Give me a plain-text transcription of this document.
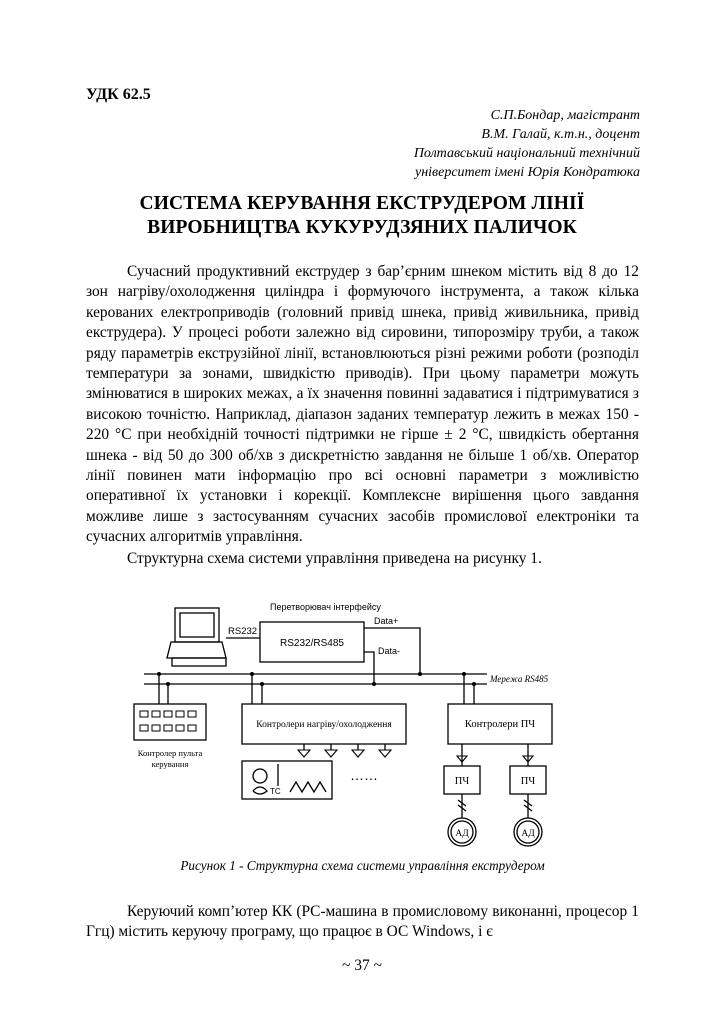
УДК 62.5
С.П.Бондар, магістрант
В.М. Галай, к.т.н., доцент
Полтавський національний технічний
університет імені Юрія Кондратюка
СИСТЕМА КЕРУВАННЯ ЕКСТРУДЕРОМ ЛІНІЇ
ВИРОБНИЦТВА КУКУРУДЗЯНИХ ПАЛИЧОК

Сучасний продуктивний екструдер з бар’єрним шнеком містить від 8 до 12 зон нагріву/охолодження циліндра і формуючого інструмента, а також кілька керованих електроприводів (головний привід шнека, привід живильника, привід екструдера). У процесі роботи залежно від сировини, типорозміру труби, а також ряду параметрів екструзійної лінії, встановлюються різні режими роботи (розподіл температури за зонами, швидкістю приводів). При цьому параметри можуть змінюватися в широких межах, а їх значення повинні задаватися і підтримуватися з високою точністю. Наприклад, діапазон заданих температур лежить в межах 150 - 220 °С при необхідній точності підтримки не гірше ± 2 °С, швидкість обертання шнека - від 50 до 300 об/хв з дискретністю завдання не більше 1 об/хв. Оператор лінії повинен мати інформацію про всі основні параметри з можливістю оперативної їх установки і корекції. Комплексне вирішення цього завдання можливе лише з застосуванням сучасних засобів промислової електроніки та сучасних алгоритмів управління.

Структурна схема системи управління приведена на рисунку 1.

Перетворювач інтерфейсу
RS232
RS232/RS485
Data+
Data-
Мережа RS485
Контролери нагріву/охолодження	Контролери ПЧ
Контролер пульта
керування
ТС
……	ПЧ	ПЧ
АД	АД
Рисунок 1 - Структурна схема системи управління екструдером

Керуючий комп’ютер КК (PC-машина в промисловому виконанні, процесор 1 Ггц) містить керуючу програму, що працює в ОС Windows, і є

~ 37 ~
